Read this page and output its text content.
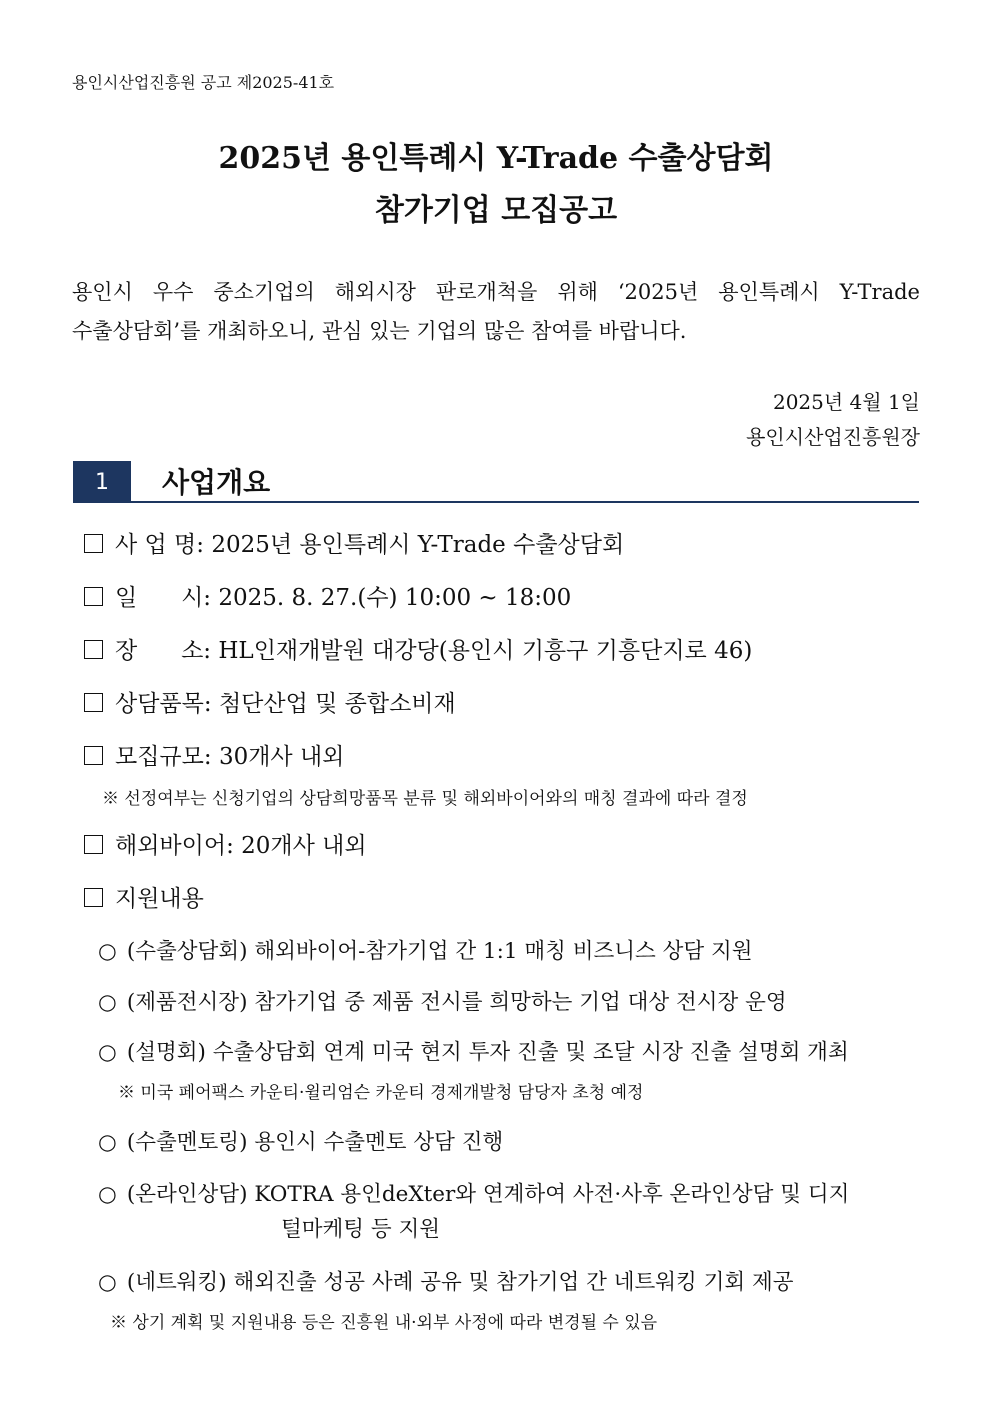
용인시산업진흥원 공고 제2025-41호
2025년 용인특례시 Y-Trade 수출상담회
참가기업 모집공고
용인시 우수 중소기업의 해외시장 판로개척을 위해 ‘2025년 용인특례시 Y-Trade
수출상담회’를 개최하오니, 관심 있는 기업의 많은 참여를 바랍니다.
2025년 4월 1일
용인시산업진흥원장
1 사업개요
사 업 명: 2025년 용인특례시 Y-Trade 수출상담회
일      시: 2025. 8. 27.(수) 10:00 ~ 18:00
장      소: HL인재개발원 대강당(용인시 기흥구 기흥단지로 46)
상담품목: 첨단산업 및 종합소비재
모집규모: 30개사 내외
※ 선정여부는 신청기업의 상담희망품목 분류 및 해외바이어와의 매칭 결과에 따라 결정
해외바이어: 20개사 내외
지원내용
○ (수출상담회) 해외바이어-참가기업 간 1:1 매칭 비즈니스 상담 지원
○ (제품전시장) 참가기업 중 제품 전시를 희망하는 기업 대상 전시장 운영
○ (설명회) 수출상담회 연계 미국 현지 투자 진출 및 조달 시장 진출 설명회 개최
※ 미국 페어팩스 카운티·윌리엄슨 카운티 경제개발청 담당자 초청 예정
○ (수출멘토링) 용인시 수출멘토 상담 진행
○ (온라인상담) KOTRA 용인deXter와 연계하여 사전·사후 온라인상담 및 디지
털마케팅 등 지원
○ (네트워킹) 해외진출 성공 사례 공유 및 참가기업 간 네트워킹 기회 제공
※ 상기 계획 및 지원내용 등은 진흥원 내·외부 사정에 따라 변경될 수 있음
